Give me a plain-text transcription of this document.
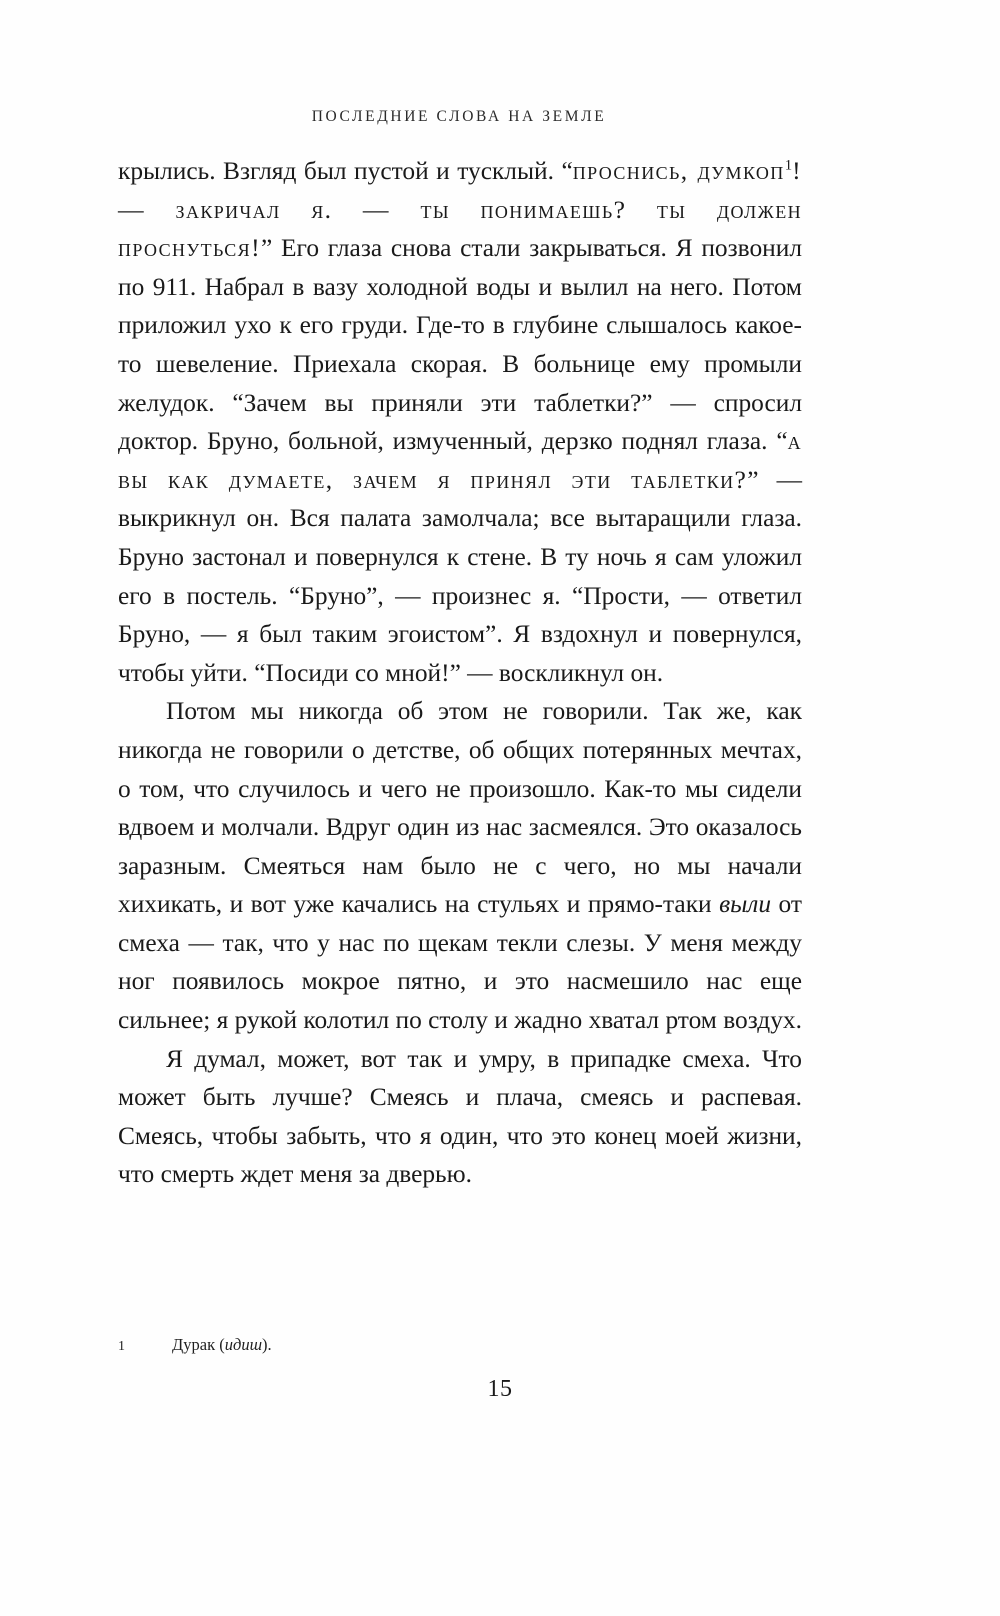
ПОСЛЕДНИЕ СЛОВА НА ЗЕМЛЕ

крылись. Взгляд был пустой и тусклый. “проснись, думкоп$^1$! — закричал я. — ты понимаешь? ты должен проснуться!” Его глаза снова стали закрываться. Я позвонил по 911. Набрал в вазу холодной воды и вылил на него. Потом приложил ухо к его груди. Где-то в глубине слышалось какое-то шевеление. Приехала скорая. В больнице ему промыли желудок. “Зачем вы приняли эти таблетки?” — спросил доктор. Бруно, больной, измученный, дерзко поднял глаза. “а вы как думаете, зачем я принял эти таблетки?” — выкрикнул он. Вся палата замолчала; все вытаращили глаза. Бруно застонал и повернулся к стене. В ту ночь я сам уложил его в постель. “Бруно”, — произнес я. “Прости, — ответил Бруно, — я был таким эгоистом”. Я вздохнул и повернулся, чтобы уйти. “Посиди со мной!” — воскликнул он.

Потом мы никогда об этом не говорили. Так же, как никогда не говорили о детстве, об общих потерянных мечтах, о том, что случилось и чего не произошло. Как-то мы сидели вдвоем и молчали. Вдруг один из нас засмеялся. Это оказалось заразным. Смеяться нам было не с чего, но мы начали хихикать, и вот уже качались на стульях и прямо-таки выли от смеха — так, что у нас по щекам текли слезы. У меня между ног появилось мокрое пятно, и это насмешило нас еще сильнее; я рукой колотил по столу и жадно хватал ртом воздух.

Я думал, может, вот так и умру, в припадке смеха. Что может быть лучше? Смеясь и плача, смеясь и распевая. Смеясь, чтобы забыть, что я один, что это конец моей жизни, что смерть ждет меня за дверью.

1	Дурак (идиш).
15
